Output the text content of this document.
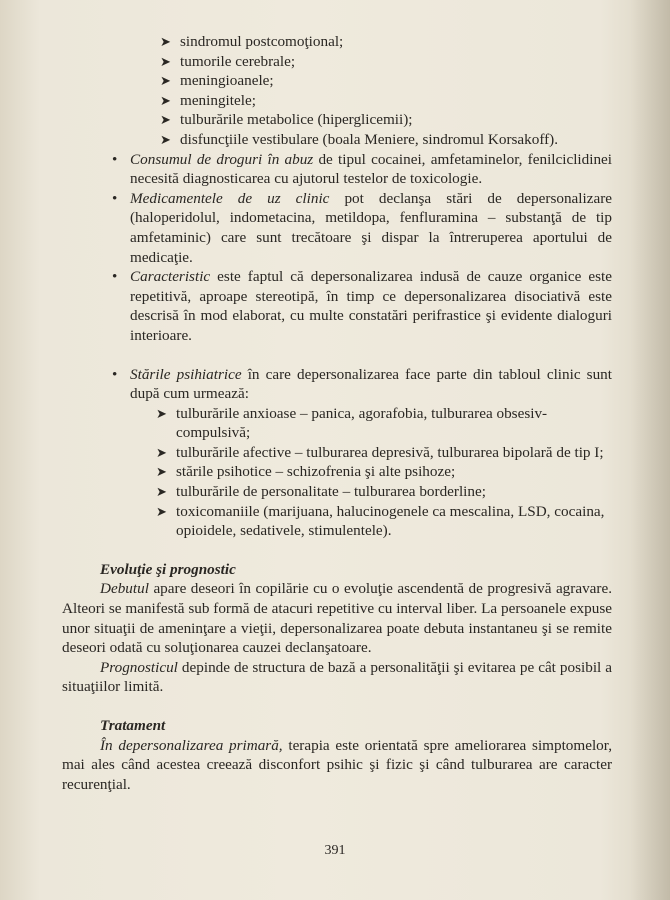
➤ sindromul postcomoţional;
➤ tumorile cerebrale;
➤ meningioanele;
➤ meningitele;
➤ tulburările metabolice (hiperglicemii);
➤ disfuncţiile vestibulare (boala Meniere, sindromul Korsakoff).
• Consumul de droguri în abuz de tipul cocainei, amfetaminelor, fenilciclidinei necesită diagnosticarea cu ajutorul testelor de toxicologie.
• Medicamentele de uz clinic pot declanşa stări de depersonalizare (haloperidolul, indometacina, metildopa, fenfluramina – substanţă de tip amfetaminic) care sunt trecătoare şi dispar la întreruperea aportului de medicaţie.
• Caracteristic este faptul că depersonalizarea indusă de cauze organice este repetitivă, aproape stereotipă, în timp ce depersonalizarea disociativă este descrisă în mod elaborat, cu multe constatări perifrastice şi evidente dialoguri interioare.
• Stările psihiatrice în care depersonalizarea face parte din tabloul clinic sunt după cum urmează:
➤ tulburările anxioase – panica, agorafobia, tulburarea obsesiv-compulsivă;
➤ tulburările afective – tulburarea depresivă, tulburarea bipolară de tip I;
➤ stările psihotice – schizofrenia şi alte psihoze;
➤ tulburările de personalitate – tulburarea borderline;
➤ toxicomaniile (marijuana, halucinogenele ca mescalina, LSD, cocaina, opioidele, sedativele, stimulentele).
Evoluţie şi prognostic
Debutul apare deseori în copilărie cu o evoluţie ascendentă de progresivă agravare. Alteori se manifestă sub formă de atacuri repetitive cu interval liber. La persoanele expuse unor situaţii de ameninţare a vieţii, depersonalizarea poate debuta instantaneu şi se remite deseori odată cu soluţionarea cauzei declanşatoare.
Prognosticul depinde de structura de bază a personalităţii şi evitarea pe cât posibil a situaţiilor limită.
Tratament
În depersonalizarea primară, terapia este orientată spre ameliorarea simptomelor, mai ales când acestea creează disconfort psihic şi fizic şi când tulburarea are caracter recurenţial.
391
